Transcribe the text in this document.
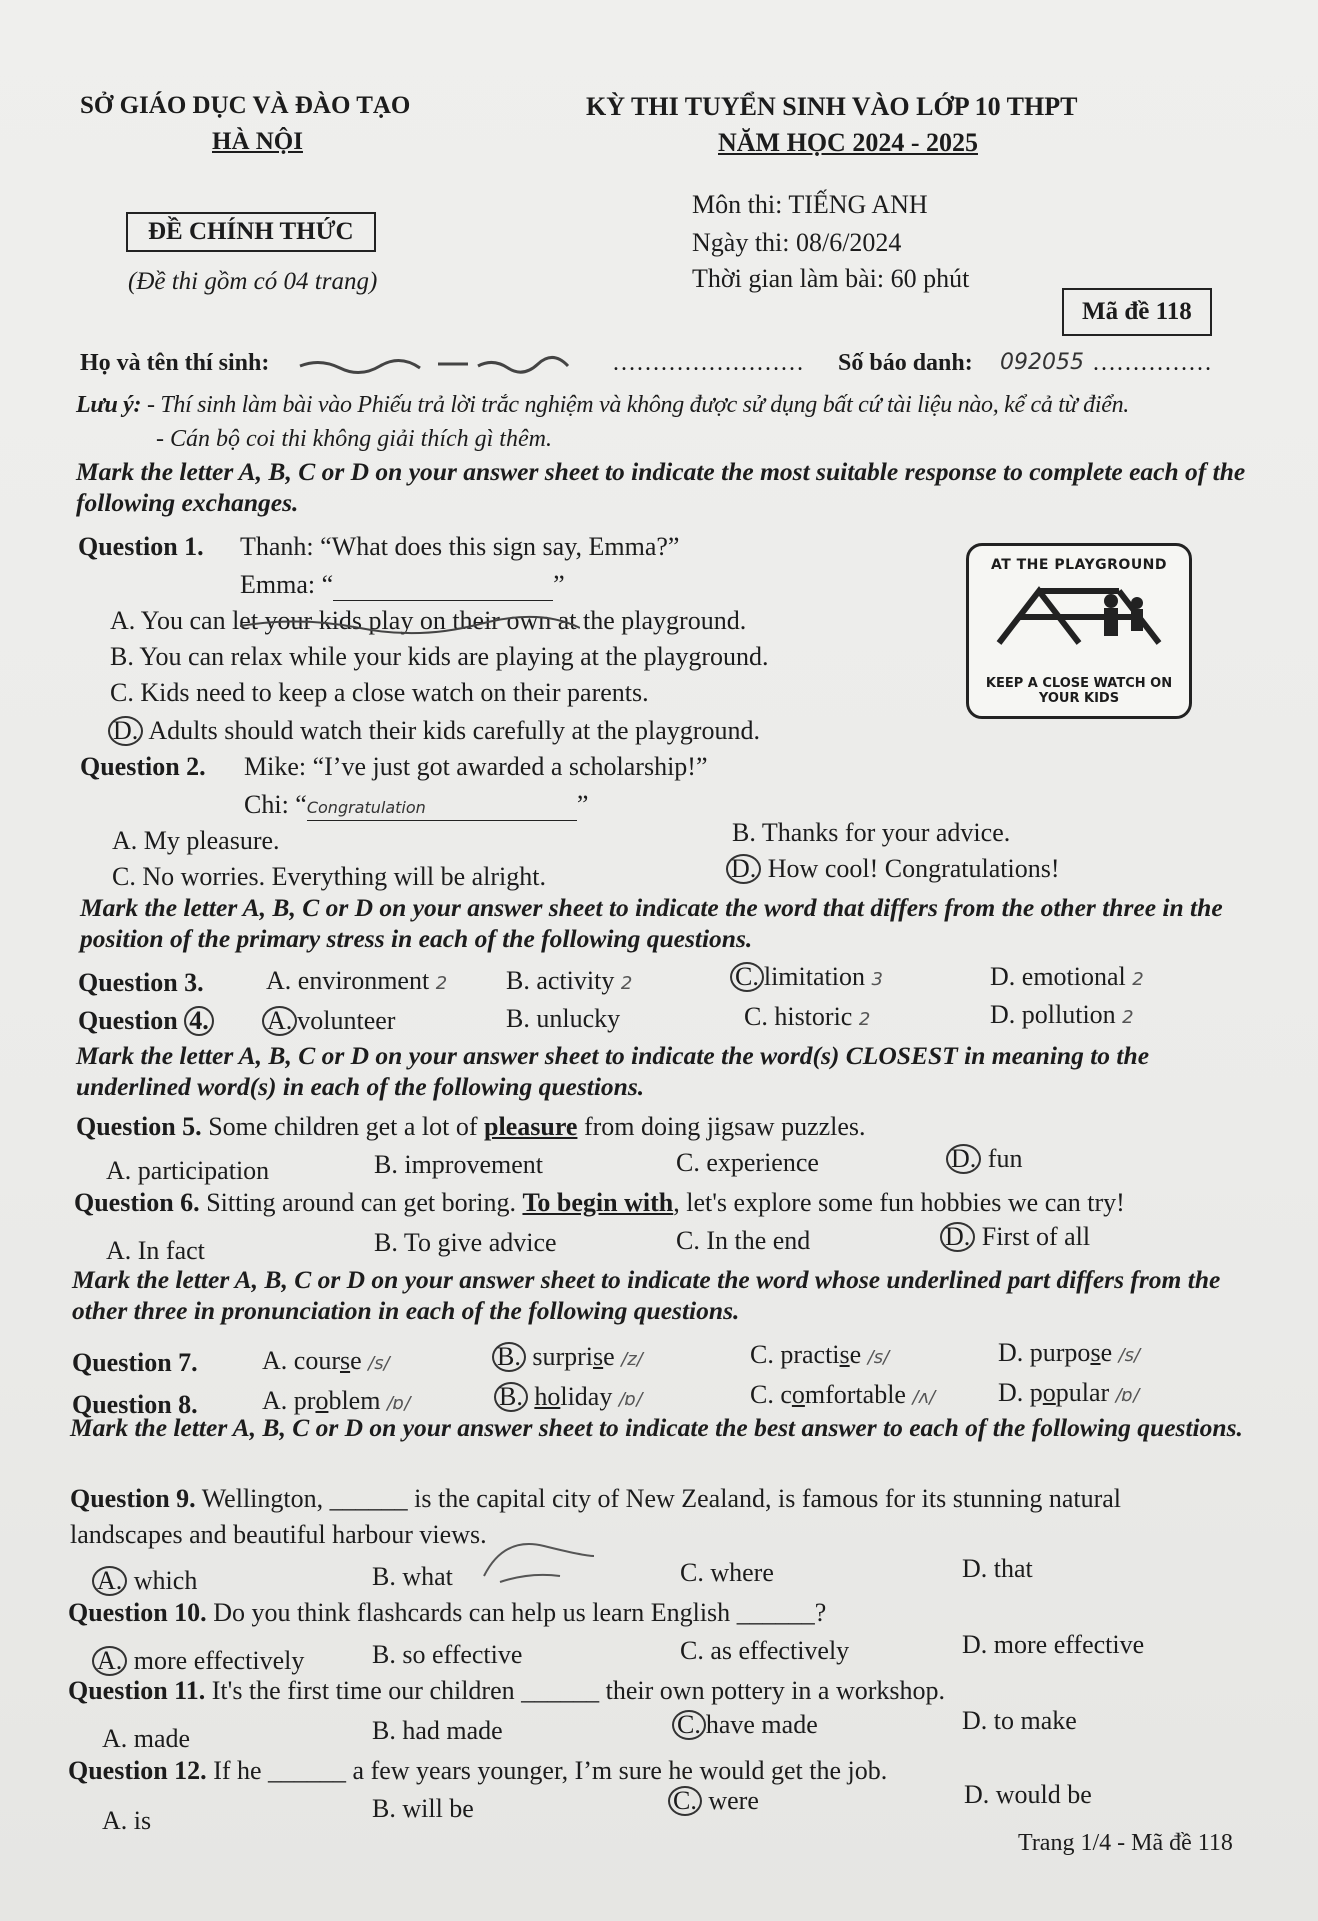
SỞ GIÁO DỤC VÀ ĐÀO TẠO
HÀ NỘI
KỲ THI TUYỂN SINH VÀO LỚP 10 THPT
NĂM HỌC 2024 - 2025
ĐỀ CHÍNH THỨC
(Đề thi gồm có 04 trang)
Môn thi: TIẾNG ANH
Ngày thi: 08/6/2024
Thời gian làm bài: 60 phút
Mã đề 118
Họ và tên thí sinh:	…………………… Số báo danh: 092055 ……………
Lưu ý: - Thí sinh làm bài vào Phiếu trả lời trắc nghiệm và không được sử dụng bất cứ tài liệu nào, kể cả từ điển.
- Cán bộ coi thi không giải thích gì thêm.
Mark the letter A, B, C or D on your answer sheet to indicate the most suitable response to complete each of the following exchanges.
Question 1. Thanh: “What does this sign say, Emma?”
Emma: “	”
A. You can let your kids play on their own at the playground.
B. You can relax while your kids are playing at the playground.
C. Kids need to keep a close watch on their parents.
D. Adults should watch their kids carefully at the playground.
AT THE PLAYGROUND
KEEP A CLOSE WATCH ON YOUR KIDS
Question 2. Mike: “I’ve just got awarded a scholarship!”
Chi: “Congratulation	”
A. My pleasure.	B. Thanks for your advice.
C. No worries. Everything will be alright.	D. How cool! Congratulations!
Mark the letter A, B, C or D on your answer sheet to indicate the word that differs from the other three in the position of the primary stress in each of the following questions.
Question 3. A. environment 2 B. activity 2	C. limitation 3	D. emotional 2
Question 4. A. volunteer	B. unlucky	C. historic 2	D. pollution 2
Mark the letter A, B, C or D on your answer sheet to indicate the word(s) CLOSEST in meaning to the underlined word(s) in each of the following questions.
Question 5. Some children get a lot of pleasure from doing jigsaw puzzles.
A. participation	B. improvement	C. experience	D. fun
Question 6. Sitting around can get boring. To begin with, let's explore some fun hobbies we can try!
A. In fact	B. To give advice	C. In the end	D. First of all
Mark the letter A, B, C or D on your answer sheet to indicate the word whose underlined part differs from the other three in pronunciation in each of the following questions.
Question 7. A. course /s/	B. surprise /z/	C. practise /s/	D. purpose /s/
Question 8. A. problem /ɒ/	B. holiday /ɒ/	C. comfortable /ʌ/ D. popular /ɒ/
Mark the letter A, B, C or D on your answer sheet to indicate the best answer to each of the following questions.
Question 9. Wellington, ______ is the capital city of New Zealand, is famous for its stunning natural
landscapes and beautiful harbour views.
A. which	B. what	C. where	D. that
Question 10. Do you think flashcards can help us learn English ______?
A. more effectively	B. so effective	C. as effectively	D. more effective
Question 11. It's the first time our children ______ their own pottery in a workshop.
A. made	B. had made	C. have made	D. to make
Question 12. If he ______ a few years younger, I’m sure he would get the job.
A. is	B. will be	C. were	D. would be
Trang 1/4 - Mã đề 118
